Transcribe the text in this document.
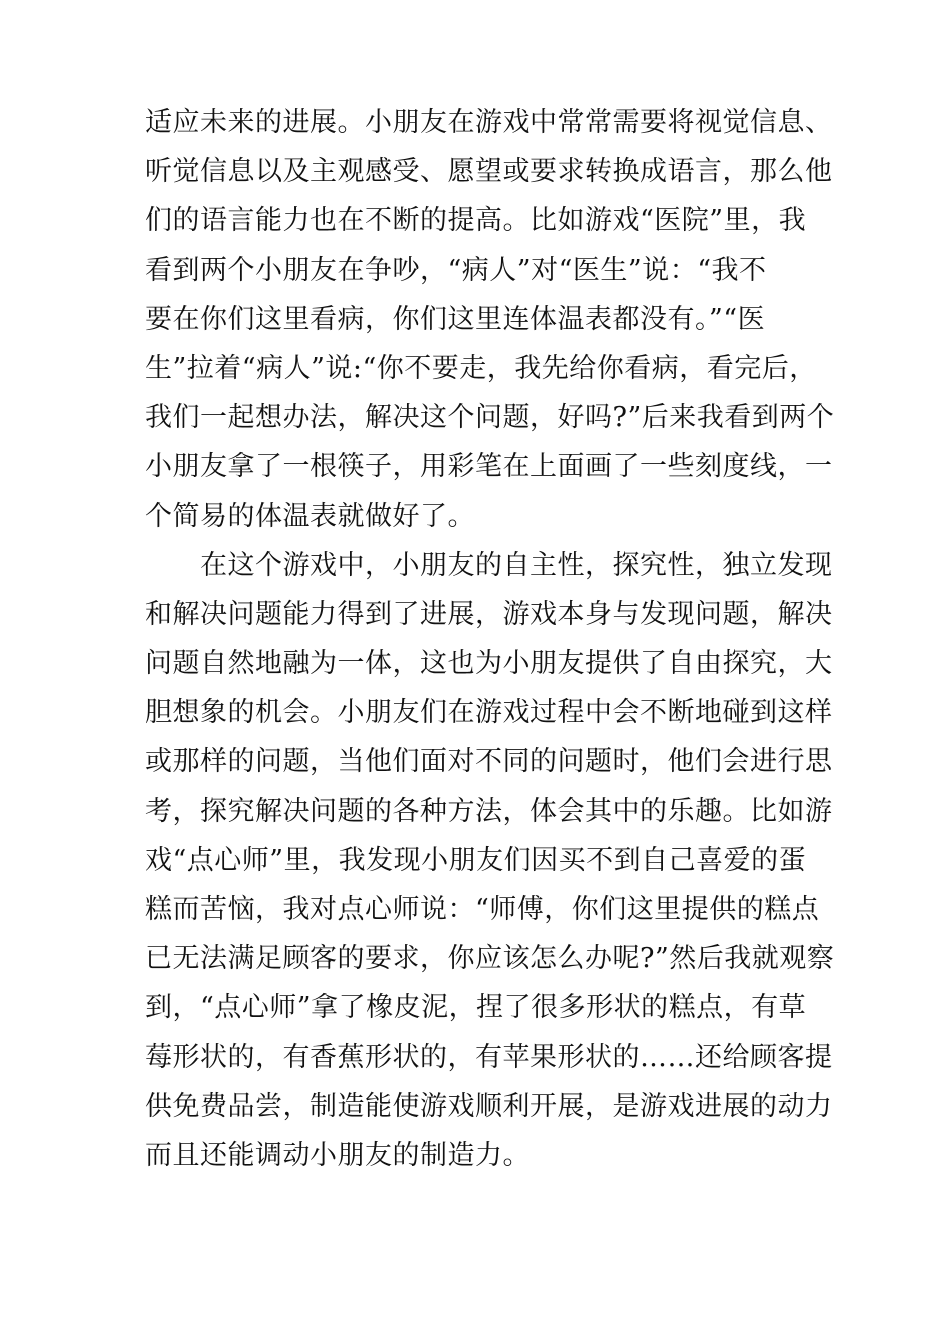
适应未来的进展。小朋友在游戏中常常需要将视觉信息、
听觉信息以及主观感受、愿望或要求转换成语言，那么他
们的语言能力也在不断的提高。比如游戏“医院”里，我
看到两个小朋友在争吵，“病人”对“医生”说：“我不
要在你们这里看病，你们这里连体温表都没有。”“医
生”拉着“病人”说:“你不要走，我先给你看病，看完后，
我们一起想办法，解决这个问题，好吗?”后来我看到两个
小朋友拿了一根筷子，用彩笔在上面画了一些刻度线，一
个简易的体温表就做好了。
　　在这个游戏中，小朋友的自主性，探究性，独立发现
和解决问题能力得到了进展，游戏本身与发现问题，解决
问题自然地融为一体，这也为小朋友提供了自由探究，大
胆想象的机会。小朋友们在游戏过程中会不断地碰到这样
或那样的问题，当他们面对不同的问题时，他们会进行思
考，探究解决问题的各种方法，体会其中的乐趣。比如游
戏“点心师”里，我发现小朋友们因买不到自己喜爱的蛋
糕而苦恼，我对点心师说：“师傅，你们这里提供的糕点
已无法满足顾客的要求，你应该怎么办呢?”然后我就观察
到，“点心师”拿了橡皮泥，捏了很多形状的糕点，有草
莓形状的，有香蕉形状的，有苹果形状的……还给顾客提
供免费品尝，制造能使游戏顺利开展，是游戏进展的动力
而且还能调动小朋友的制造力。
